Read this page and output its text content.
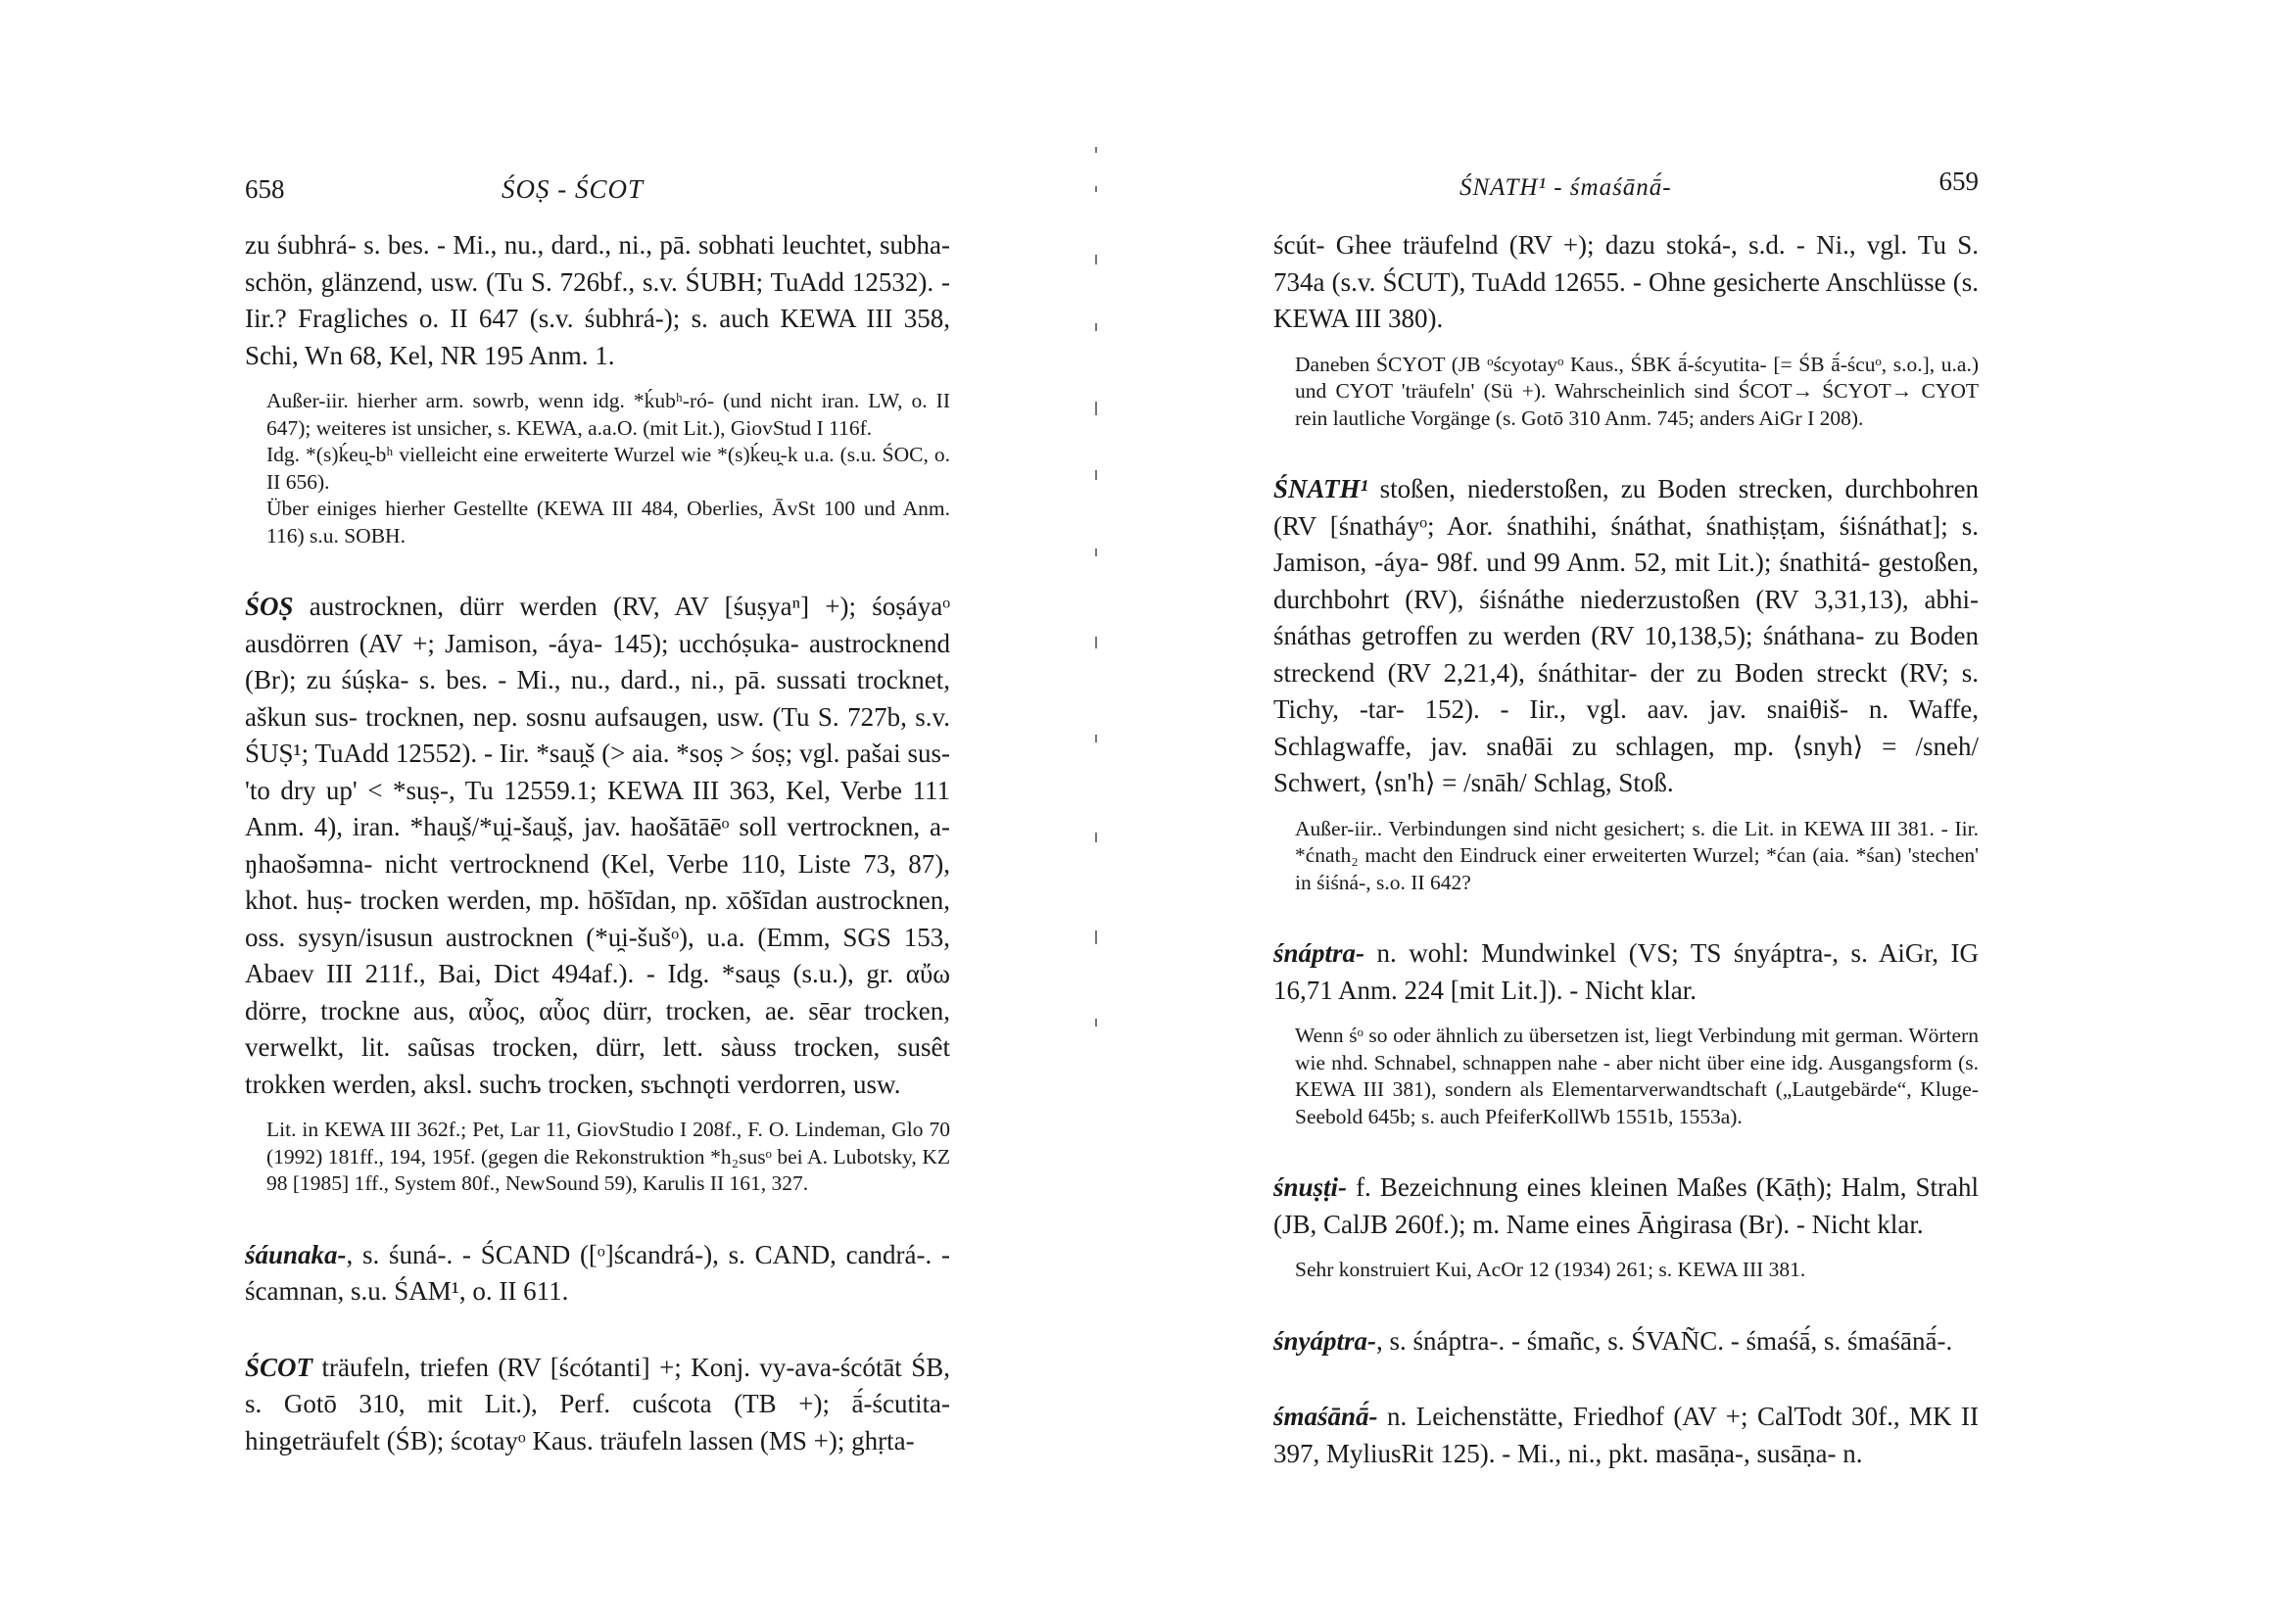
658	ŚOṢ - ŚCOT

zu śubhrá- s. bes. - Mi., nu., dard., ni., pā. sobhati leuchtet, subha- schön, glänzend, usw. (Tu S. 726bf., s.v. ŚUBH; TuAdd 12532). - Iir.? Fragliches o. II 647 (s.v. śubhrá-); s. auch KEWA III 358, Schi, Wn 68, Kel, NR 195 Anm. 1.

Außer-iir. hierher arm. sowrb, wenn idg. *ḱubʰ-ró- (und nicht iran. LW, o. II 647); weiteres ist unsicher, s. KEWA, a.a.O. (mit Lit.), GiovStud I 116f.

Idg. *(s)ḱeu̯-bʰ vielleicht eine erweiterte Wurzel wie *(s)ḱeu̯-k u.a. (s.u. ŚOC, o. II 656).

Über einiges hierher Gestellte (KEWA III 484, Oberlies, ĀvSt 100 und Anm. 116) s.u. SOBH.

ŚOṢ austrocknen, dürr werden (RV, AV [śuṣyaⁿ] +); śoṣáyaᵒ ausdörren (AV +; Jamison, -áya- 145); ucchóṣuka- austrocknend (Br); zu śúṣka- s. bes. - Mi., nu., dard., ni., pā. sussati trocknet, aškun sus- trocknen, nep. sosnu aufsaugen, usw. (Tu S. 727b, s.v. ŚUṢ¹; TuAdd 12552). - Iir. *sau̯š (> aia. *soṣ > śoṣ; vgl. pašai sus- 'to dry up' < *suṣ-, Tu 12559.1; KEWA III 363, Kel, Verbe 111 Anm. 4), iran. *hau̯š/*u̯i-šau̯š, jav. haošātāēᵒ soll vertrocknen, a-ŋhaošəmna- nicht vertrocknend (Kel, Verbe 110, Liste 73, 87), khot. huṣ- trocken werden, mp. hōšīdan, np. xōšīdan austrocknen, oss. sysyn/isusun austrocknen (*u̯i-šušᵒ), u.a. (Emm, SGS 153, Abaev III 211f., Bai, Dict 494af.). - Idg. *sau̯s (s.u.), gr. αὔω dörre, trockne aus, αὖος, αὗος dürr, trocken, ae. sēar trocken, verwelkt, lit. saũsas trocken, dürr, lett. sàuss trocken, susêt trokken werden, aksl. suchъ trocken, sъchnǫti verdorren, usw.

Lit. in KEWA III 362f.; Pet, Lar 11, GiovStudio I 208f., F. O. Lindeman, Glo 70 (1992) 181ff., 194, 195f. (gegen die Rekonstruktion *h₂susᵒ bei A. Lubotsky, KZ 98 [1985] 1ff., System 80f., NewSound 59), Karulis II 161, 327.

śáunaka-, s. śuná-. - ŚCAND ([ᵒ]ścandrá-), s. CAND, candrá-. - ścamnan, s.u. ŚAM¹, o. II 611.

ŚCOT träufeln, triefen (RV [ścótanti] +; Konj. vy-ava-ścótāt ŚB, s. Gotō 310, mit Lit.), Perf. cuścota (TB +); ā́-ścutita- hingeträufelt (ŚB); ścotayᵒ Kaus. träufeln lassen (MS +); ghṛta-

ŚNATH¹ - śmaśānā́-	659

ścút- Ghee träufelnd (RV +); dazu stoká-, s.d. - Ni., vgl. Tu S. 734a (s.v. ŚCUT), TuAdd 12655. - Ohne gesicherte Anschlüsse (s. KEWA III 380).

Daneben ŚCYOT (JB ᵒścyotayᵒ Kaus., ŚBK ā́-ścyutita- [= ŚB ā́-ścuᵒ, s.o.], u.a.) und CYOT 'träufeln' (Sü +). Wahrscheinlich sind ŚCOT→ ŚCYOT→ CYOT rein lautliche Vorgänge (s. Gotō 310 Anm. 745; anders AiGr I 208).

ŚNATH¹ stoßen, niederstoßen, zu Boden strecken, durchbohren (RV [śnatháyᵒ; Aor. śnathihi, śnáthat, śnathiṣṭam, śiśnáthat]; s. Jamison, -áya- 98f. und 99 Anm. 52, mit Lit.); śnathitá- gestoßen, durchbohrt (RV), śiśnáthe niederzustoßen (RV 3,31,13), abhi-śnáthas getroffen zu werden (RV 10,138,5); śnáthana- zu Boden streckend (RV 2,21,4), śnáthitar- der zu Boden streckt (RV; s. Tichy, -tar- 152). - Iir., vgl. aav. jav. snaiθiš- n. Waffe, Schlagwaffe, jav. snaθāi zu schlagen, mp. ⟨snyh⟩ = /sneh/ Schwert, ⟨sn'h⟩ = /snāh/ Schlag, Stoß.

Außer-iir.. Verbindungen sind nicht gesichert; s. die Lit. in KEWA III 381. - Iir. *ćnath₂ macht den Eindruck einer erweiterten Wurzel; *ćan (aia. *śan) 'stechen' in śiśná-, s.o. II 642?

śnáptra- n. wohl: Mundwinkel (VS; TS śnyáptra-, s. AiGr, IG 16,71 Anm. 224 [mit Lit.]). - Nicht klar.

Wenn śᵒ so oder ähnlich zu übersetzen ist, liegt Verbindung mit german. Wörtern wie nhd. Schnabel, schnappen nahe - aber nicht über eine idg. Ausgangsform (s. KEWA III 381), sondern als Elementarverwandtschaft („Lautgebärde“, Kluge-Seebold 645b; s. auch PfeiferKollWb 1551b, 1553a).

śnuṣṭi- f. Bezeichnung eines kleinen Maßes (Kāṭh); Halm, Strahl (JB, CalJB 260f.); m. Name eines Āṅgirasa (Br). - Nicht klar.

Sehr konstruiert Kui, AcOr 12 (1934) 261; s. KEWA III 381.

śnyáptra-, s. śnáptra-. - śmañc, s. ŚVAÑC. - śmaśā́, s. śmaśānā́-.

śmaśānā́- n. Leichenstätte, Friedhof (AV +; CalTodt 30f., MK II 397, MyliusRit 125). - Mi., ni., pkt. masāṇa-, susāṇa- n.
